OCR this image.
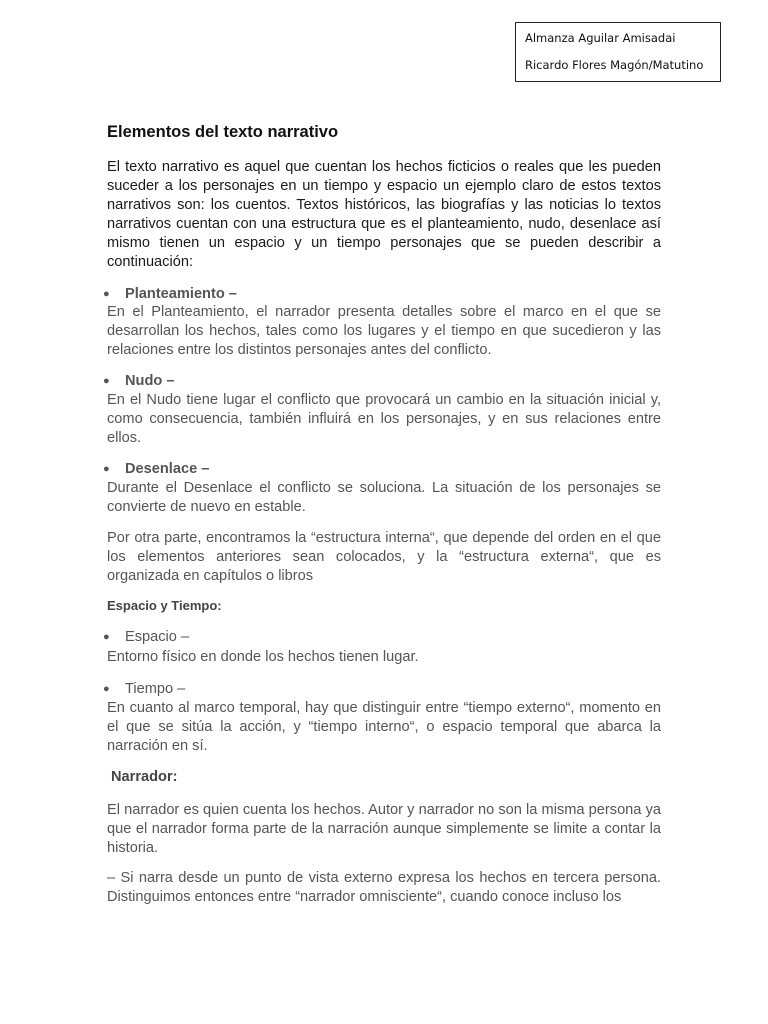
Almanza Aguilar Amisadai
Ricardo Flores Magón/Matutino
Elementos del texto narrativo
El texto narrativo es aquel que cuentan los hechos ficticios o reales que les pueden suceder a los personajes en un tiempo y espacio un ejemplo claro de estos textos narrativos son: los cuentos. Textos históricos, las biografías y las noticias lo textos narrativos cuentan con una estructura que es el planteamiento, nudo, desenlace así mismo tienen un espacio y un tiempo personajes que se pueden describir a continuación:
● Planteamiento –
En el Planteamiento, el narrador presenta detalles sobre el marco en el que se desarrollan los hechos, tales como los lugares y el tiempo en que sucedieron y las relaciones entre los distintos personajes antes del conflicto.
● Nudo –
En el Nudo tiene lugar el conflicto que provocará un cambio en la situación inicial y, como consecuencia, también influirá en los personajes, y en sus relaciones entre ellos.
● Desenlace –
Durante el Desenlace el conflicto se soluciona. La situación de los personajes se convierte de nuevo en estable.
Por otra parte, encontramos la “estructura interna“, que depende del orden en el que los elementos anteriores sean colocados, y la “estructura externa“, que es organizada en capítulos o libros
Espacio y Tiempo:
● Espacio –
Entorno físico en donde los hechos tienen lugar.
● Tiempo –
En cuanto al marco temporal, hay que distinguir entre “tiempo externo“, momento en el que se sitúa la acción, y “tiempo interno“, o espacio temporal que abarca la narración en sí.
Narrador:
El narrador es quien cuenta los hechos. Autor y narrador no son la misma persona ya que el narrador forma parte de la narración aunque simplemente se limite a contar la historia.
– Si narra desde un punto de vista externo expresa los hechos en tercera persona. Distinguimos entonces entre “narrador omnisciente“, cuando conoce incluso los
